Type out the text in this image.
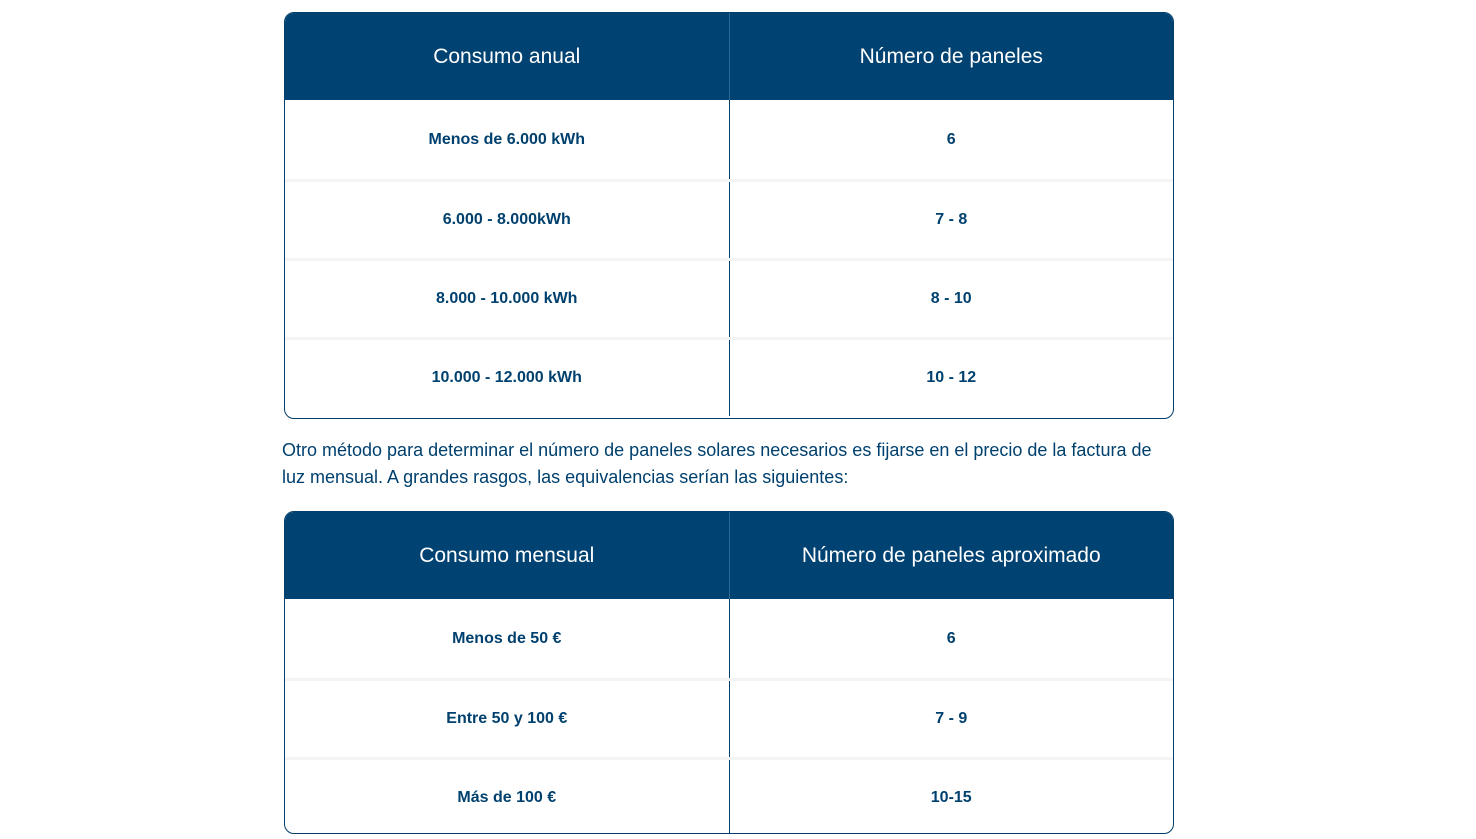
Consumo anual	Número de paneles
Menos de 6.000 kWh	6
6.000 - 8.000kWh	7 - 8
8.000 - 10.000 kWh	8 - 10
10.000 - 12.000 kWh	10 - 12

Otro método para determinar el número de paneles solares necesarios es fijarse en el precio de la factura de luz mensual. A grandes rasgos, las equivalencias serían las siguientes:

Consumo mensual	Número de paneles aproximado
Menos de 50 €	6
Entre 50 y 100 €	7 - 9
Más de 100 €	10-15
